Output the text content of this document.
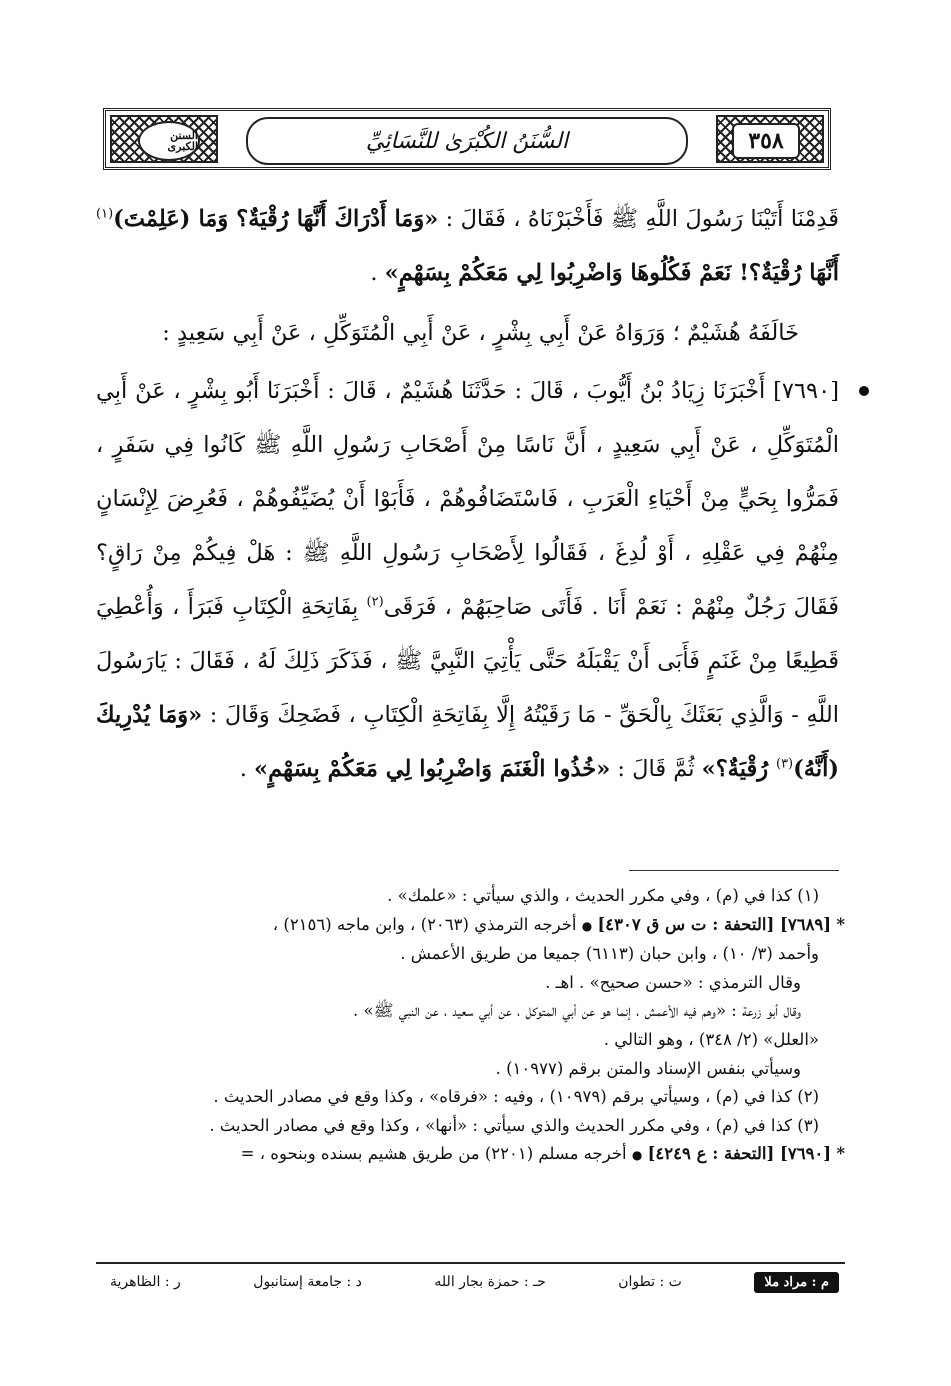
السنن الكبرى	السُّنَنُ الكُبْرَىٰ للنَّسَائِيِّ	٣٥٨

قَدِمْنَا أَتَيْنَا رَسُولَ اللَّهِ ﷺ فَأَخْبَرْنَاهُ ، فَقَالَ : «وَمَا أَدْرَاكَ أَنَّهَا رُقْيَةٌ؟ وَمَا (عَلِمْتَ)$^{(١)}$ أَنَّهَا رُقْيَةٌ؟! نَعَمْ فَكُلُوهَا وَاضْرِبُوا لِي مَعَكُمْ بِسَهْمٍ» .

خَالَفَهُ هُشَيْمٌ ؛ وَرَوَاهُ عَنْ أَبِي بِشْرٍ ، عَنْ أَبِي الْمُتَوَكِّلِ ، عَنْ أَبِي سَعِيدٍ :

[٧٦٩٠] أَخْبَرَنَا زِيَادُ بْنُ أَيُّوبَ ، قَالَ : حَدَّثَنَا هُشَيْمٌ ، قَالَ : أَخْبَرَنَا أَبُو بِشْرٍ ، عَنْ أَبِي الْمُتَوَكِّلِ ، عَنْ أَبِي سَعِيدٍ ، أَنَّ نَاسًا مِنْ أَصْحَابِ رَسُولِ اللَّهِ ﷺ كَانُوا فِي سَفَرٍ ، فَمَرُّوا بِحَيٍّ مِنْ أَحْيَاءِ الْعَرَبِ ، فَاسْتَضَافُوهُمْ ، فَأَبَوْا أَنْ يُضَيِّفُوهُمْ ، فَعُرِضَ لِإِنْسَانٍ مِنْهُمْ فِي عَقْلِهِ ، أَوْ لُدِغَ ، فَقَالُوا لِأَصْحَابِ رَسُولِ اللَّهِ ﷺ : هَلْ فِيكُمْ مِنْ رَاقٍ؟ فَقَالَ رَجُلٌ مِنْهُمْ : نَعَمْ أَنَا . فَأَتَى صَاحِبَهُمْ ، فَرَقَى$^{(٢)}$ بِفَاتِحَةِ الْكِتَابِ فَبَرَأَ ، وَأُعْطِيَ قَطِيعًا مِنْ غَنَمٍ فَأَبَى أَنْ يَقْبَلَهُ حَتَّى يَأْتِيَ النَّبِيَّ ﷺ ، فَذَكَرَ ذَلِكَ لَهُ ، فَقَالَ : يَارَسُولَ اللَّهِ - وَالَّذِي بَعَثَكَ بِالْحَقِّ - مَا رَقَيْتُهُ إِلَّا بِفَاتِحَةِ الْكِتَابِ ، فَضَحِكَ وَقَالَ : «وَمَا يُدْرِيكَ (أَنَّهُ)$^{(٣)}$ رُقْيَةٌ؟» ثُمَّ قَالَ : «خُذُوا الْغَنَمَ وَاضْرِبُوا لِي مَعَكُمْ بِسَهْمٍ» .

(١) كذا في (م) ، وفي مكرر الحديث ، والذي سيأتي : «علمك» .

* [٧٦٨٩] [التحفة : ت س ق ٤٣٠٧] ● أخرجه الترمذي (٢٠٦٣) ، وابن ماجه (٢١٥٦) ،

وأحمد (٣/ ١٠) ، وابن حبان (٦١١٣) جميعا من طريق الأعمش .

وقال الترمذي : «حسن صحيح» . اهـ .

وقال أبو زرعة : «وهم فيه الأعمش ، إنما هو عن أبي المتوكل ، عن أبي سعيد ، عن النبي ﷺ» .

«العلل» (٢/ ٣٤٨) ، وهو التالي .

وسيأتي بنفس الإسناد والمتن برقم (١٠٩٧٧) .

(٢) كذا في (م) ، وسيأتي برقم (١٠٩٧٩) ، وفيه : «فرقاه» ، وكذا وقع في مصادر الحديث .

(٣) كذا في (م) ، وفي مكرر الحديث والذي سيأتي : «أنها» ، وكذا وقع في مصادر الحديث .

* [٧٦٩٠] [التحفة : ع ٤٢٤٩] ● أخرجه مسلم (٢٢٠١) من طريق هشيم بسنده وبنحوه ، =

م : مراد ملا
ت : تطوان
حـ : حمزة بجار الله
د : جامعة إستانبول
ر : الظاهرية
